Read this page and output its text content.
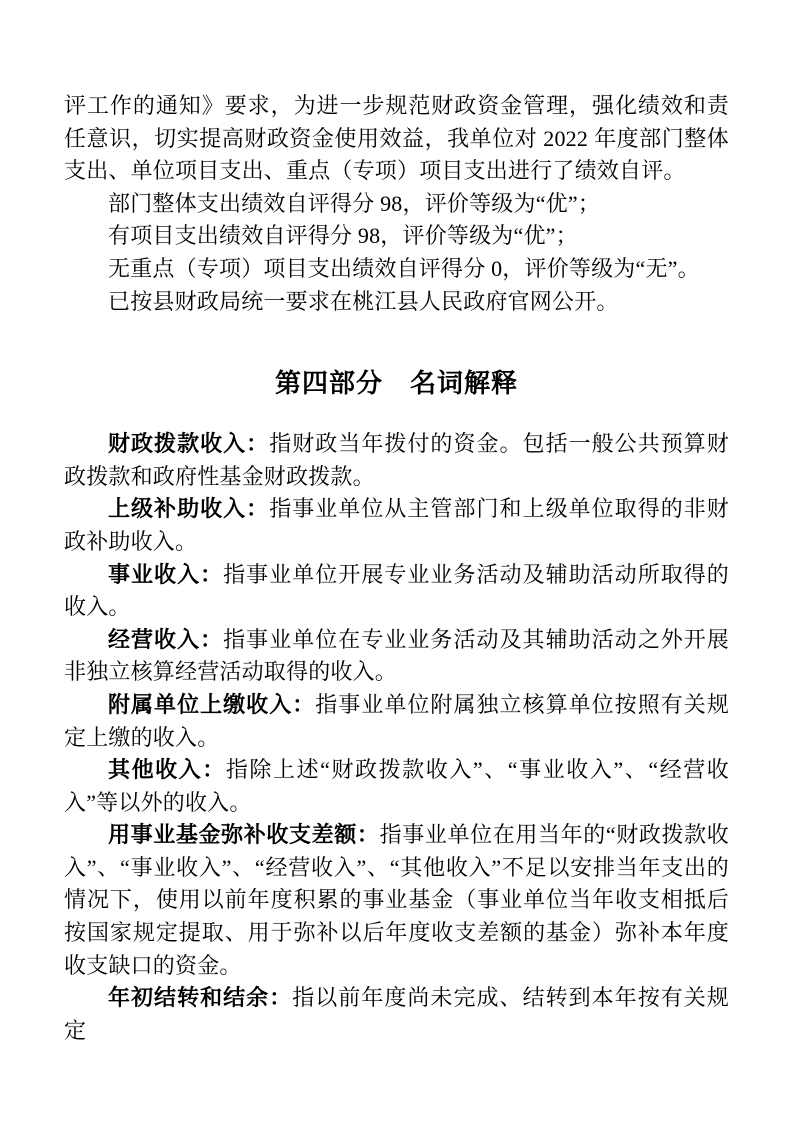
评工作的通知》要求，为进一步规范财政资金管理，强化绩效和责任意识，切实提高财政资金使用效益，我单位对 2022 年度部门整体支出、单位项目支出、重点（专项）项目支出进行了绩效自评。

部门整体支出绩效自评得分 98，评价等级为“优”；

有项目支出绩效自评得分 98，评价等级为“优”；

无重点（专项）项目支出绩效自评得分 0，评价等级为“无”。

已按县财政局统一要求在桃江县人民政府官网公开。

第四部分　名词解释

财政拨款收入：指财政当年拨付的资金。包括一般公共预算财政拨款和政府性基金财政拨款。

上级补助收入：指事业单位从主管部门和上级单位取得的非财政补助收入。

事业收入：指事业单位开展专业业务活动及辅助活动所取得的收入。

经营收入：指事业单位在专业业务活动及其辅助活动之外开展非独立核算经营活动取得的收入。

附属单位上缴收入：指事业单位附属独立核算单位按照有关规定上缴的收入。

其他收入：指除上述“财政拨款收入”、“事业收入”、“经营收入”等以外的收入。

用事业基金弥补收支差额：指事业单位在用当年的“财政拨款收入”、“事业收入”、“经营收入”、“其他收入”不足以安排当年支出的情况下，使用以前年度积累的事业基金（事业单位当年收支相抵后按国家规定提取、用于弥补以后年度收支差额的基金）弥补本年度收支缺口的资金。

年初结转和结余：指以前年度尚未完成、结转到本年按有关规定
